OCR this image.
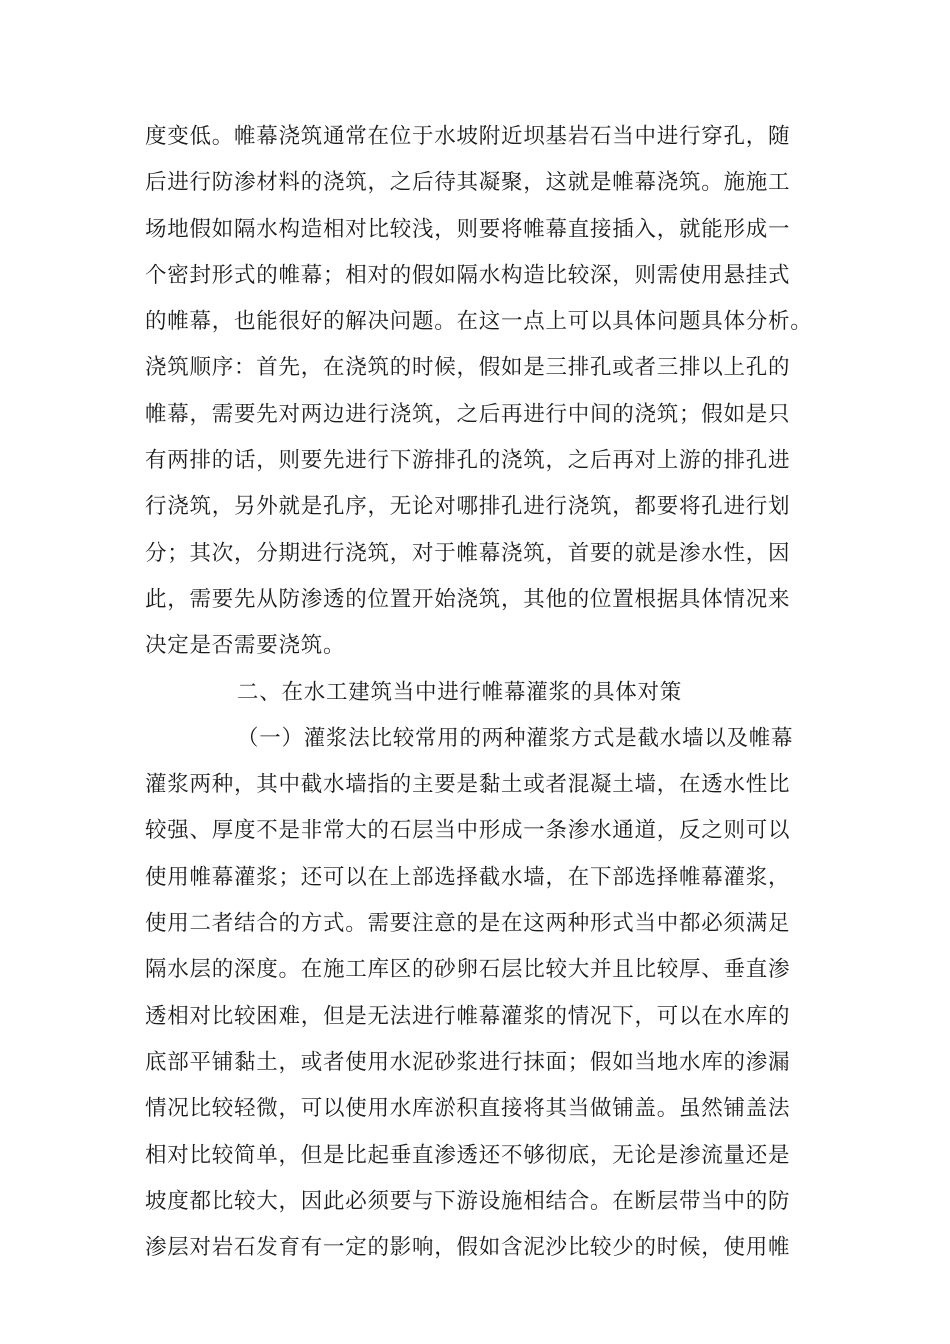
度变低。帷幕浇筑通常在位于水坡附近坝基岩石当中进行穿孔，随
后进行防渗材料的浇筑，之后待其凝聚，这就是帷幕浇筑。施施工
场地假如隔水构造相对比较浅，则要将帷幕直接插入，就能形成一
个密封形式的帷幕；相对的假如隔水构造比较深，则需使用悬挂式
的帷幕，也能很好的解决问题。在这一点上可以具体问题具体分析。
浇筑顺序：首先，在浇筑的时候，假如是三排孔或者三排以上孔的
帷幕，需要先对两边进行浇筑，之后再进行中间的浇筑；假如是只
有两排的话，则要先进行下游排孔的浇筑，之后再对上游的排孔进
行浇筑，另外就是孔序，无论对哪排孔进行浇筑，都要将孔进行划
分；其次，分期进行浇筑，对于帷幕浇筑，首要的就是渗水性，因
此，需要先从防渗透的位置开始浇筑，其他的位置根据具体情况来
决定是否需要浇筑。
二、在水工建筑当中进行帷幕灌浆的具体对策
（一）灌浆法比较常用的两种灌浆方式是截水墙以及帷幕
灌浆两种，其中截水墙指的主要是黏土或者混凝土墙，在透水性比
较强、厚度不是非常大的石层当中形成一条渗水通道，反之则可以
使用帷幕灌浆；还可以在上部选择截水墙，在下部选择帷幕灌浆，
使用二者结合的方式。需要注意的是在这两种形式当中都必须满足
隔水层的深度。在施工库区的砂卵石层比较大并且比较厚、垂直渗
透相对比较困难，但是无法进行帷幕灌浆的情况下，可以在水库的
底部平铺黏土，或者使用水泥砂浆进行抹面；假如当地水库的渗漏
情况比较轻微，可以使用水库淤积直接将其当做铺盖。虽然铺盖法
相对比较简单，但是比起垂直渗透还不够彻底，无论是渗流量还是
坡度都比较大，因此必须要与下游设施相结合。在断层带当中的防
渗层对岩石发育有一定的影响，假如含泥沙比较少的时候，使用帷
